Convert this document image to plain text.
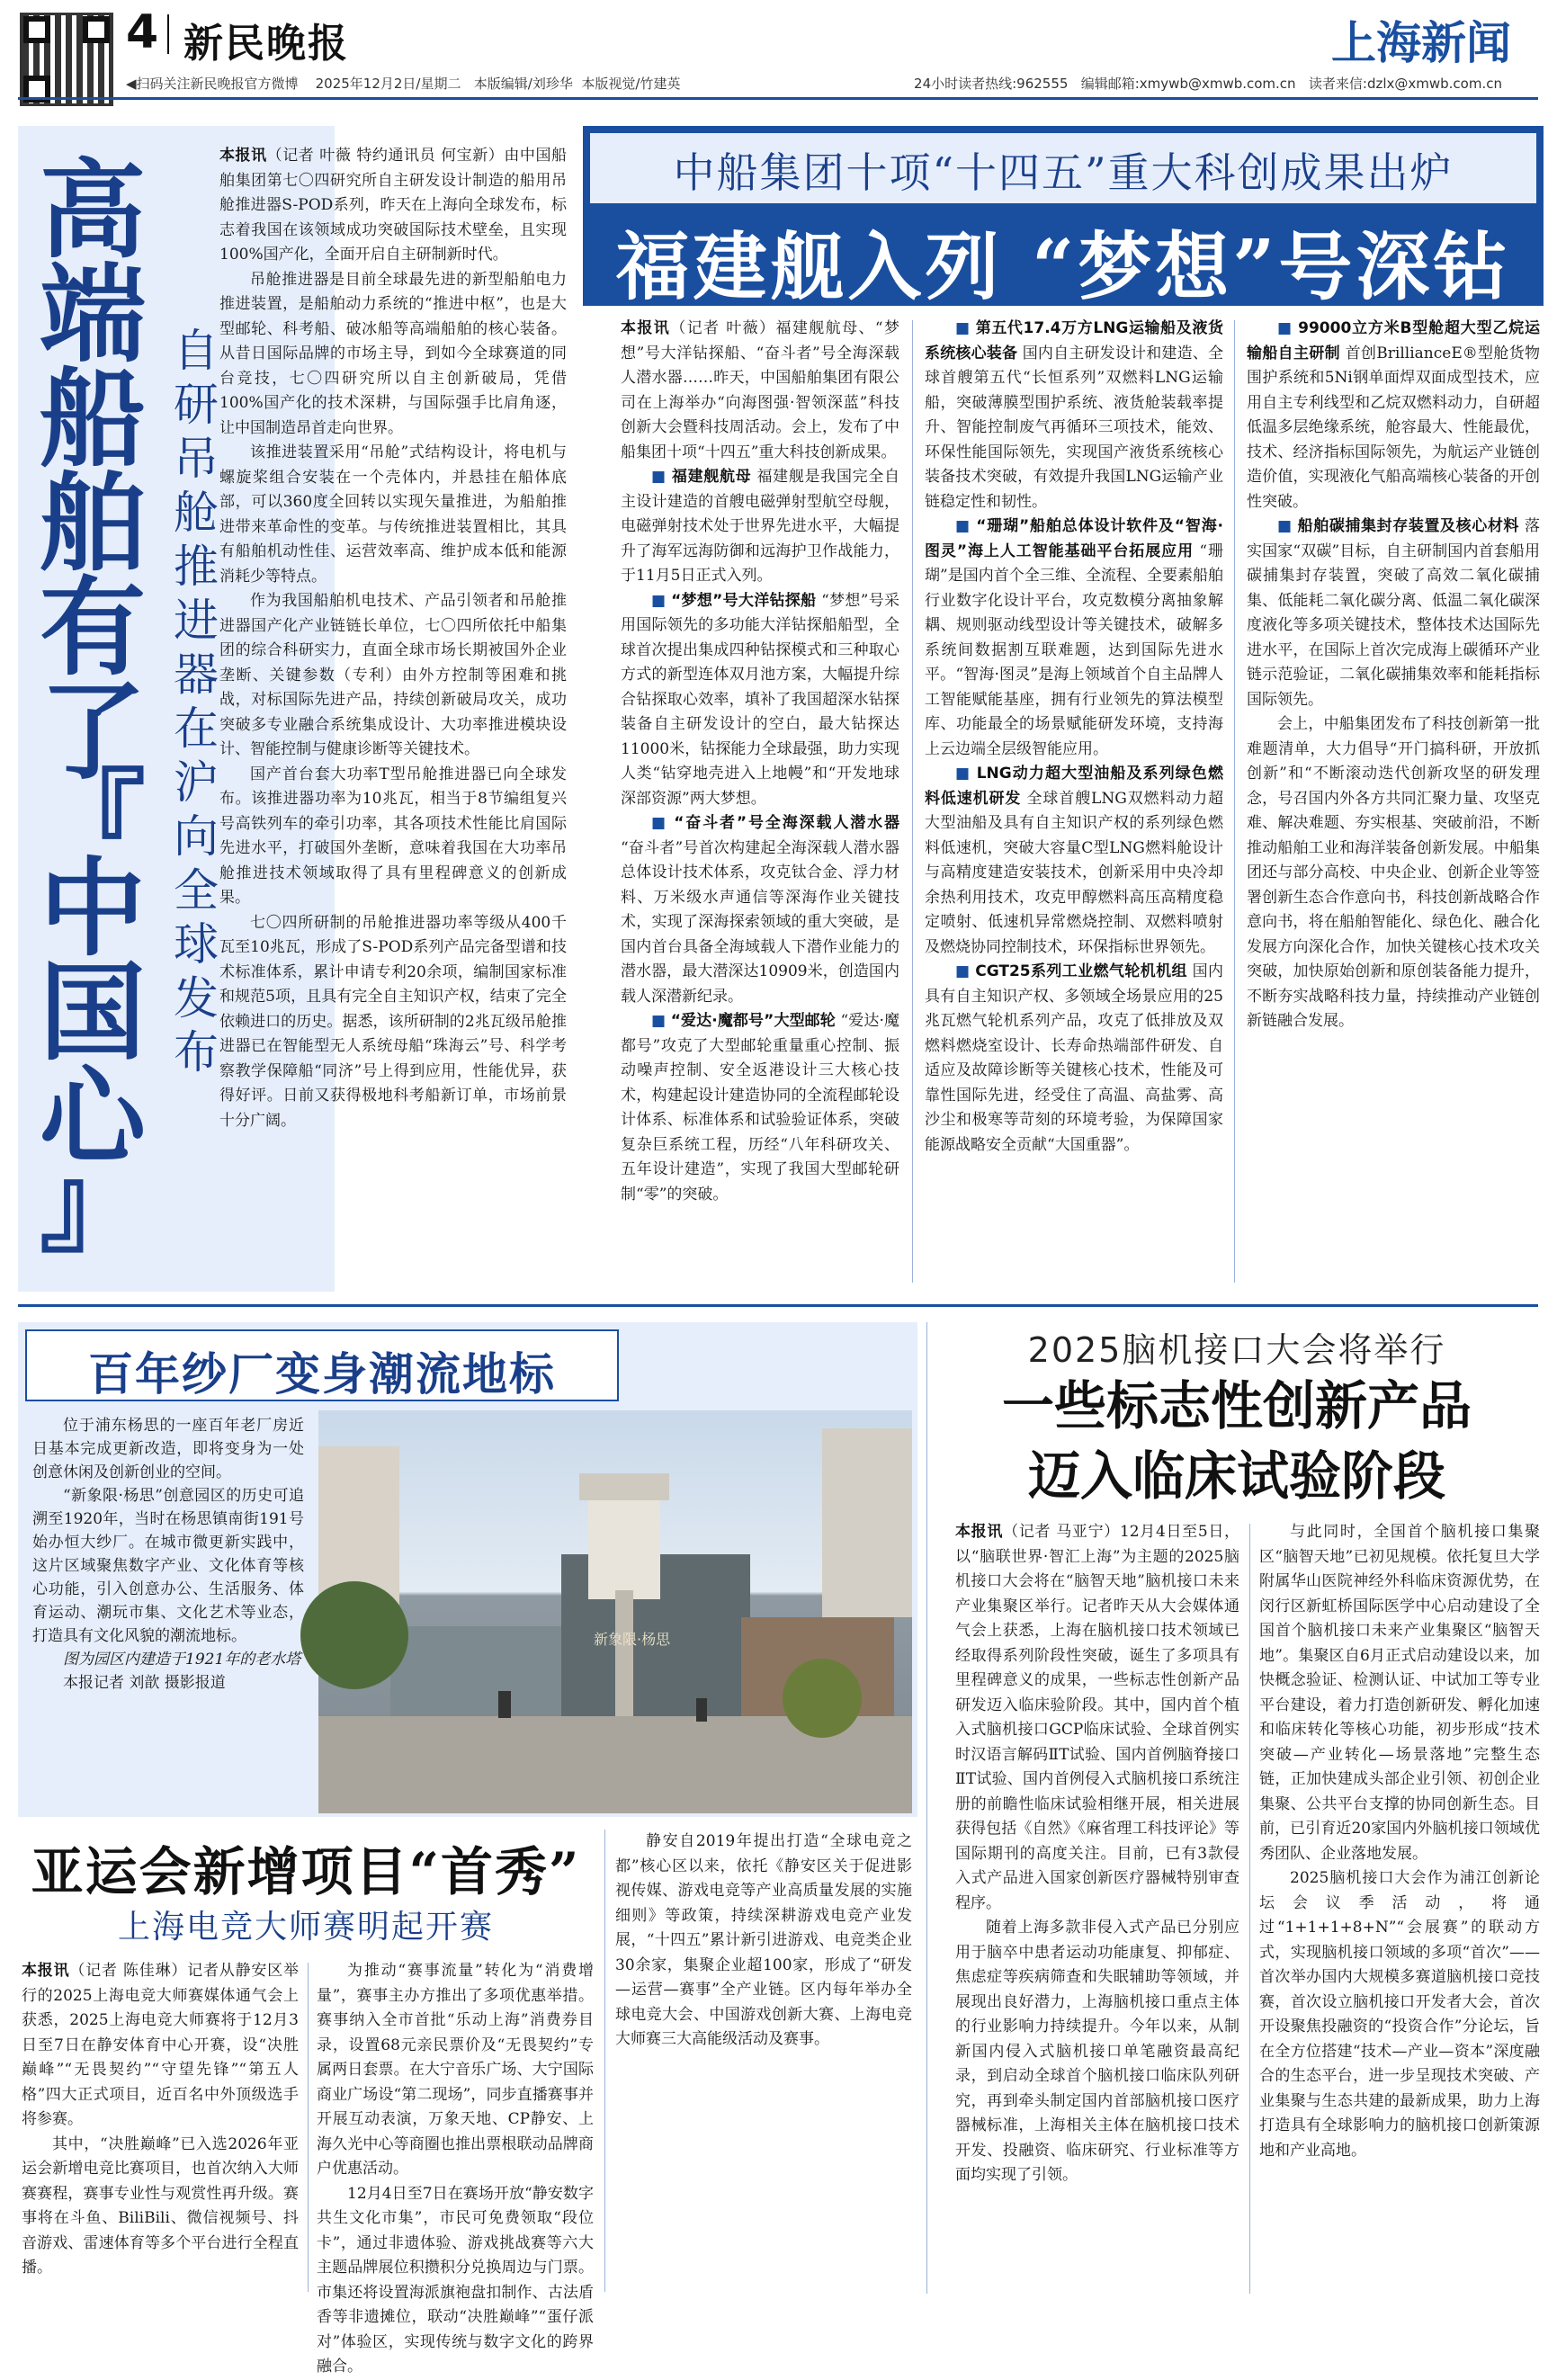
4 新民晚报	上海新闻
◀扫码关注新民晚报官方微博 2025年12月2日/星期二 本版编辑/刘珍华 本版视觉/竹建英	24小时读者热线:962555 编辑邮箱:xmywb@xmwb.com.cn 读者来信:dzlx@xmwb.com.cn
高
端
船
舶
有
了
『
中
国
心
』
自
研
吊
舱
推
进
器
在
沪
向
全
球
发
布

本报讯（记者 叶薇 特约通讯员 何宝新）由中国船舶集团第七〇四研究所自主研发设计制造的船用吊舱推进器S-POD系列，昨天在上海向全球发布，标志着我国在该领域成功突破国际技术壁垒，且实现100%国产化，全面开启自主研制新时代。

吊舱推进器是目前全球最先进的新型船舶电力推进装置，是船舶动力系统的“推进中枢”，也是大型邮轮、科考船、破冰船等高端船舶的核心装备。从昔日国际品牌的市场主导，到如今全球赛道的同台竞技，七〇四研究所以自主创新破局，凭借100%国产化的技术深耕，与国际强手比肩角逐，让中国制造昂首走向世界。

该推进装置采用“吊舱”式结构设计，将电机与螺旋桨组合安装在一个壳体内，并悬挂在船体底部，可以360度全回转以实现矢量推进，为船舶推进带来革命性的变革。与传统推进装置相比，其具有船舶机动性佳、运营效率高、维护成本低和能源消耗少等特点。

作为我国船舶机电技术、产品引领者和吊舱推进器国产化产业链链长单位，七〇四所依托中船集团的综合科研实力，直面全球市场长期被国外企业垄断、关键参数（专利）由外方控制等困难和挑战，对标国际先进产品，持续创新破局攻关，成功突破多专业融合系统集成设计、大功率推进模块设计、智能控制与健康诊断等关键技术。

国产首台套大功率T型吊舱推进器已向全球发布。该推进器功率为10兆瓦，相当于8节编组复兴号高铁列车的牵引功率，其各项技术性能比肩国际先进水平，打破国外垄断，意味着我国在大功率吊舱推进技术领域取得了具有里程碑意义的创新成果。

七〇四所研制的吊舱推进器功率等级从400千瓦至10兆瓦，形成了S-POD系列产品完备型谱和技术标准体系，累计申请专利20余项，编制国家标准和规范5项，且具有完全自主知识产权，结束了完全依赖进口的历史。据悉，该所研制的2兆瓦级吊舱推进器已在智能型无人系统母船“珠海云”号、科学考察教学保障船“同济”号上得到应用，性能优异，获得好评。日前又获得极地科考船新订单，市场前景十分广阔。

中船集团十项“十四五”重大科创成果出炉
福建舰入列 “梦想”号深钻

本报讯（记者 叶薇）福建舰航母、“梦想”号大洋钻探船、“奋斗者”号全海深载人潜水器……昨天，中国船舶集团有限公司在上海举办“向海图强·智领深蓝”科技创新大会暨科技周活动。会上，发布了中船集团十项“十四五”重大科技创新成果。

■ 福建舰航母 福建舰是我国完全自主设计建造的首艘电磁弹射型航空母舰，电磁弹射技术处于世界先进水平，大幅提升了海军远海防御和远海护卫作战能力，于11月5日正式入列。

■ “梦想”号大洋钻探船 “梦想”号采用国际领先的多功能大洋钻探船船型，全球首次提出集成四种钻探模式和三种取心方式的新型连体双月池方案，大幅提升综合钻探取心效率，填补了我国超深水钻探装备自主研发设计的空白，最大钻探达11000米，钻探能力全球最强，助力实现人类“钻穿地壳进入上地幔”和“开发地球深部资源”两大梦想。

■ “奋斗者”号全海深载人潜水器 “奋斗者”号首次构建起全海深载人潜水器总体设计技术体系，攻克钛合金、浮力材料、万米级水声通信等深海作业关键技术，实现了深海探索领域的重大突破，是国内首台具备全海域载人下潜作业能力的潜水器，最大潜深达10909米，创造国内载人深潜新纪录。

■ “爱达·魔都号”大型邮轮 “爱达·魔都号”攻克了大型邮轮重量重心控制、振动噪声控制、安全返港设计三大核心技术，构建起设计建造协同的全流程邮轮设计体系、标准体系和试验验证体系，突破复杂巨系统工程，历经“八年科研攻关、五年设计建造”，实现了我国大型邮轮研制“零”的突破。

■ 第五代17.4万方LNG运输船及液货系统核心装备 国内自主研发设计和建造、全球首艘第五代“长恒系列”双燃料LNG运输船，突破薄膜型围护系统、液货舱装载率提升、智能控制废气再循环三项技术，能效、环保性能国际领先，实现国产液货系统核心装备技术突破，有效提升我国LNG运输产业链稳定性和韧性。

■ “珊瑚”船舶总体设计软件及“智海·图灵”海上人工智能基础平台拓展应用 “珊瑚”是国内首个全三维、全流程、全要素船舶行业数字化设计平台，攻克数模分离抽象解耦、规则驱动线型设计等关键技术，破解多系统间数据割互联难题，达到国际先进水平。“智海·图灵”是海上领域首个自主品牌人工智能赋能基座，拥有行业领先的算法模型库、功能最全的场景赋能研发环境，支持海上云边端全层级智能应用。

■ LNG动力超大型油船及系列绿色燃料低速机研发 全球首艘LNG双燃料动力超大型油船及具有自主知识产权的系列绿色燃料低速机，突破大容量C型LNG燃料舱设计与高精度建造安装技术，创新采用中央冷却余热利用技术，攻克甲醇燃料高压高精度稳定喷射、低速机异常燃烧控制、双燃料喷射及燃烧协同控制技术，环保指标世界领先。

■ CGT25系列工业燃气轮机机组 国内具有自主知识产权、多领域全场景应用的25兆瓦燃气轮机系列产品，攻克了低排放及双燃料燃烧室设计、长寿命热端部件研发、自适应及故障诊断等关键核心技术，性能及可靠性国际先进，经受住了高温、高盐雾、高沙尘和极寒等苛刻的环境考验，为保障国家能源战略安全贡献“大国重器”。

■ 99000立方米B型舱超大型乙烷运输船自主研制 首创BrillianceE®型舱货物围护系统和5Ni钢单面焊双面成型技术，应用自主专利线型和乙烷双燃料动力，自研超低温多层绝缘系统，舱容最大、性能最优，技术、经济指标国际领先，为航运产业链创造价值，实现液化气船高端核心装备的开创性突破。

■ 船舶碳捕集封存装置及核心材料 落实国家“双碳”目标，自主研制国内首套船用碳捕集封存装置，突破了高效二氧化碳捕集、低能耗二氧化碳分离、低温二氧化碳深度液化等多项关键技术，整体技术达国际先进水平，在国际上首次完成海上碳循环产业链示范验证，二氧化碳捕集效率和能耗指标国际领先。

会上，中船集团发布了科技创新第一批难题清单，大力倡导“开门搞科研，开放抓创新”和“不断滚动迭代创新攻坚的研发理念，号召国内外各方共同汇聚力量、攻坚克难、解决难题、夯实根基、突破前沿，不断推动船舶工业和海洋装备创新发展。中船集团还与部分高校、中央企业、创新企业等签署创新生态合作意向书，科技创新战略合作意向书，将在船舶智能化、绿色化、融合化发展方向深化合作，加快关键核心技术攻关突破，加快原始创新和原创装备能力提升，不断夯实战略科技力量，持续推动产业链创新链融合发展。

百年纱厂变身潮流地标

位于浦东杨思的一座百年老厂房近日基本完成更新改造，即将变身为一处创意休闲及创新创业的空间。

“新象限·杨思”创意园区的历史可追溯至1920年，当时在杨思镇南街191号始办恒大纱厂。在城市微更新实践中，这片区域聚焦数字产业、文化体育等核心功能，引入创意办公、生活服务、体育运动、潮玩市集、文化艺术等业态，打造具有文化风貌的潮流地标。

图为园区内建造于1921年的老水塔

本报记者 刘歆 摄影报道

新象限·杨思
2025脑机接口大会将举行
一些标志性创新产品
迈入临床试验阶段

本报讯（记者 马亚宁）12月4日至5日，以“脑联世界·智汇上海”为主题的2025脑机接口大会将在“脑智天地”脑机接口未来产业集聚区举行。记者昨天从大会媒体通气会上获悉，上海在脑机接口技术领域已经取得系列阶段性突破，诞生了多项具有里程碑意义的成果，一些标志性创新产品研发迈入临床验阶段。其中，国内首个植入式脑机接口GCP临床试验、全球首例实时汉语言解码ⅡT试验、国内首例脑脊接口ⅡT试验、国内首例侵入式脑机接口系统注册的前瞻性临床试验相继开展，相关进展获得包括《自然》《麻省理工科技评论》等国际期刊的高度关注。目前，已有3款侵入式产品进入国家创新医疗器械特别审查程序。

随着上海多款非侵入式产品已分别应用于脑卒中患者运动功能康复、抑郁症、焦虑症等疾病筛查和失眠辅助等领域，并展现出良好潜力，上海脑机接口重点主体的行业影响力持续提升。今年以来，从制新国内侵入式脑机接口单笔融资最高纪录，到启动全球首个脑机接口临床队列研究，再到牵头制定国内首部脑机接口医疗器械标准，上海相关主体在脑机接口技术开发、投融资、临床研究、行业标准等方面均实现了引领。

与此同时，全国首个脑机接口集聚区“脑智天地”已初见规模。依托复旦大学附属华山医院神经外科临床资源优势，在闵行区新虹桥国际医学中心启动建设了全国首个脑机接口未来产业集聚区“脑智天地”。集聚区自6月正式启动建设以来，加快概念验证、检测认证、中试加工等专业平台建设，着力打造创新研发、孵化加速和临床转化等核心功能，初步形成“技术突破—产业转化—场景落地”完整生态链，正加快建成头部企业引领、初创企业集聚、公共平台支撑的协同创新生态。目前，已引育近20家国内外脑机接口领域优秀团队、企业落地发展。

2025脑机接口大会作为浦江创新论坛会议季活动，将通过“1+1+1+8+N”“会展赛”的联动方式，实现脑机接口领域的多项“首次”——首次举办国内大规模多赛道脑机接口竞技赛，首次设立脑机接口开发者大会，首次开设聚焦投融资的“投资合作”分论坛，旨在全方位搭建“技术—产业—资本”深度融合的生态平台，进一步呈现技术突破、产业集聚与生态共建的最新成果，助力上海打造具有全球影响力的脑机接口创新策源地和产业高地。

亚运会新增项目“首秀”
上海电竞大师赛明起开赛

本报讯（记者 陈佳琳）记者从静安区举行的2025上海电竞大师赛媒体通气会上获悉，2025上海电竞大师赛将于12月3日至7日在静安体育中心开赛，设“决胜巅峰”“无畏契约”“守望先锋”“第五人格”四大正式项目，近百名中外顶级选手将参赛。

其中，“决胜巅峰”已入选2026年亚运会新增电竞比赛项目，也首次纳入大师赛赛程，赛事专业性与观赏性再升级。赛事将在斗鱼、BiliBili、微信视频号、抖音游戏、雷速体育等多个平台进行全程直播。

为推动“赛事流量”转化为“消费增量”，赛事主办方推出了多项优惠举措。赛事纳入全市首批“乐动上海”消费券目录，设置68元亲民票价及“无畏契约”专属两日套票。在大宁音乐广场、大宁国际商业广场设“第二现场”，同步直播赛事并开展互动表演，万象天地、CP静安、上海久光中心等商圈也推出票根联动品牌商户优惠活动。

12月4日至7日在赛场开放“静安数字共生文化市集”，市民可免费领取“段位卡”，通过非遗体验、游戏挑战赛等六大主题品牌展位积攒积分兑换周边与门票。市集还将设置海派旗袍盘扣制作、古法盾香等非遗摊位，联动“决胜巅峰”“蛋仔派对”体验区，实现传统与数字文化的跨界融合。

静安自2019年提出打造“全球电竞之都”核心区以来，依托《静安区关于促进影视传媒、游戏电竞等产业高质量发展的实施细则》等政策，持续深耕游戏电竞产业发展，“十四五”累计新引进游戏、电竞类企业30余家，集聚企业超100家，形成了“研发—运营—赛事”全产业链。区内每年举办全球电竞大会、中国游戏创新大赛、上海电竞大师赛三大高能级活动及赛事。
